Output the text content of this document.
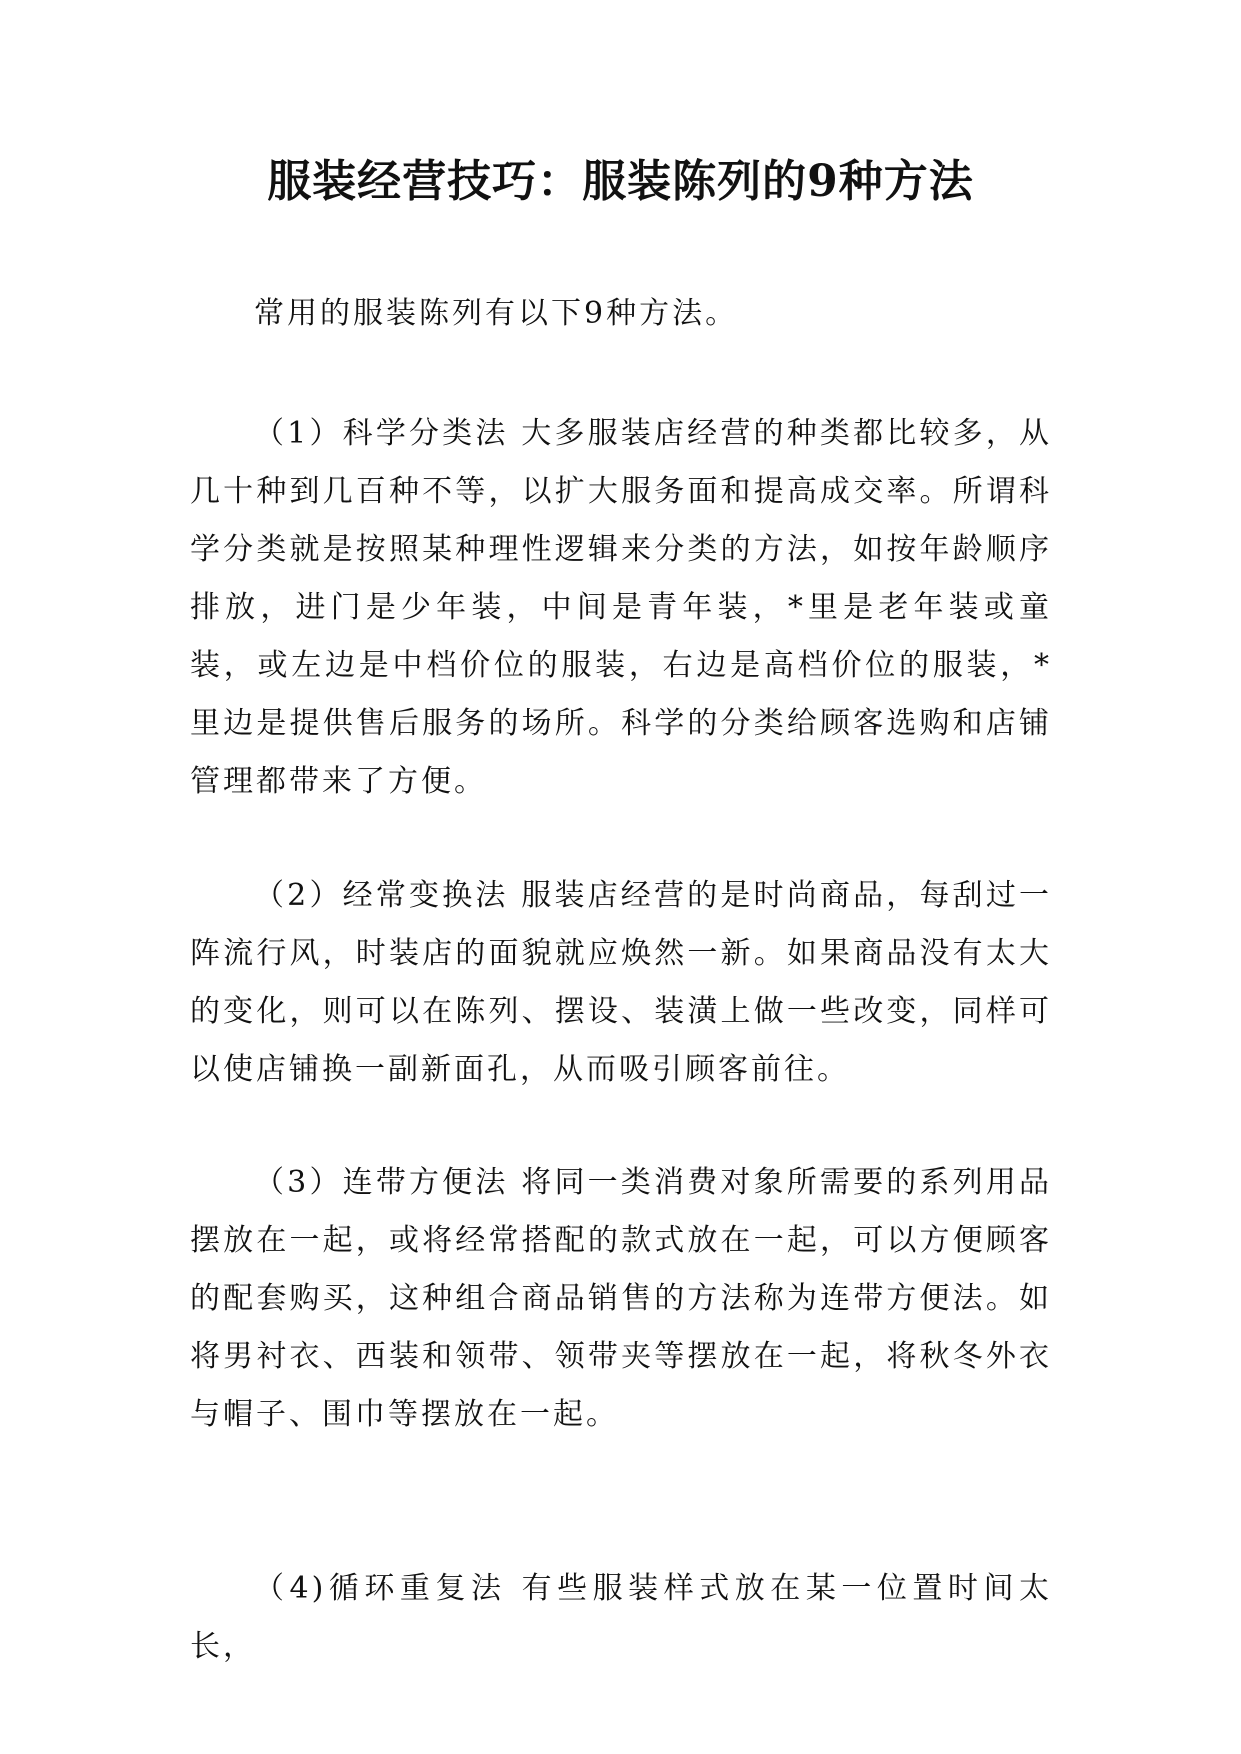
服装经营技巧：服装陈列的9种方法

常用的服装陈列有以下9种方法。

（1）科学分类法 大多服装店经营的种类都比较多，从几十种到几百种不等，以扩大服务面和提高成交率。所谓科学分类就是按照某种理性逻辑来分类的方法，如按年龄顺序排放，进门是少年装，中间是青年装，*里是老年装或童装，或左边是中档价位的服装，右边是高档价位的服装，*里边是提供售后服务的场所。科学的分类给顾客选购和店铺管理都带来了方便。

（2）经常变换法 服装店经营的是时尚商品，每刮过一阵流行风，时装店的面貌就应焕然一新。如果商品没有太大的变化，则可以在陈列、摆设、装潢上做一些改变，同样可以使店铺换一副新面孔，从而吸引顾客前往。

（3）连带方便法 将同一类消费对象所需要的系列用品摆放在一起，或将经常搭配的款式放在一起，可以方便顾客的配套购买，这种组合商品销售的方法称为连带方便法。如将男衬衣、西装和领带、领带夹等摆放在一起，将秋冬外衣与帽子、围巾等摆放在一起。

（4)循环重复法 有些服装样式放在某一位置时间太长，
